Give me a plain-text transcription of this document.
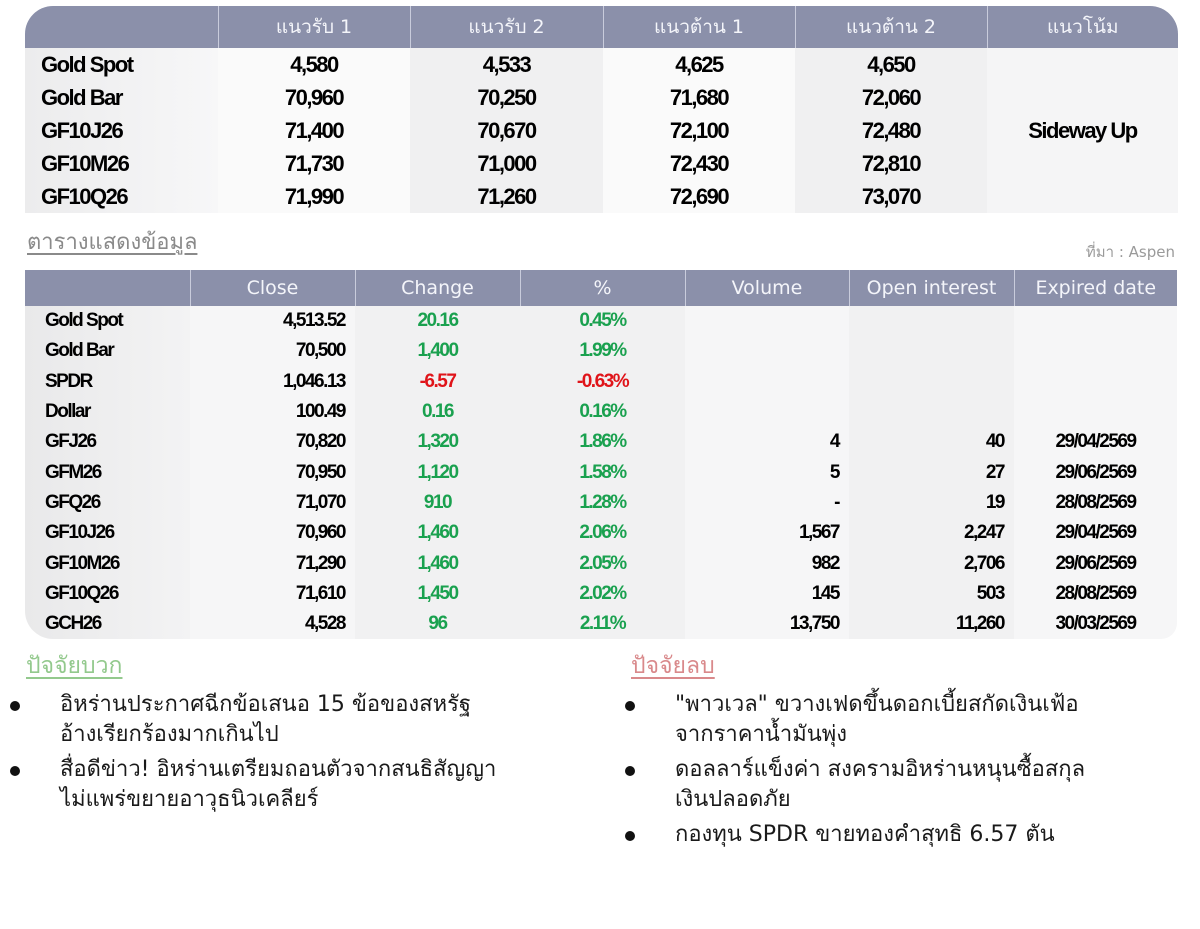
	แนวรับ 1	แนวรับ 2	แนวต้าน 1	แนวต้าน 2	แนวโน้ม
Gold Spot	4,580	4,533	4,625	4,650	Sideway Up
Gold Bar	70,960	70,250	71,680	72,060	
GF10J26	71,400	70,670	72,100	72,480	
GF10M26	71,730	71,000	72,430	72,810	
GF10Q26	71,990	71,260	72,690	73,070	
ตารางแสดงข้อมูล	ที่มา : Aspen
	Close	Change	%	Volume	Open interest	Expired date
Gold Spot	4,513.52	20.16	0.45%			
Gold Bar	70,500	1,400	1.99%			
SPDR	1,046.13	-6.57	-0.63%			
Dollar	100.49	0.16	0.16%			
GFJ26	70,820	1,320	1.86%	4	40	29/04/2569
GFM26	70,950	1,120	1.58%	5	27	29/06/2569
GFQ26	71,070	910	1.28%	-	19	28/08/2569
GF10J26	70,960	1,460	2.06%	1,567	2,247	29/04/2569
GF10M26	71,290	1,460	2.05%	982	2,706	29/06/2569
GF10Q26	71,610	1,450	2.02%	145	503	28/08/2569
GCH26	4,528	96	2.11%	13,750	11,260	30/03/2569
ปัจจัยบวก
อิหร่านประกาศฉีกข้อเสนอ 15 ข้อของสหรัฐ
อ้างเรียกร้องมากเกินไป
สื่อดีข่าว! อิหร่านเตรียมถอนตัวจากสนธิสัญญา
ไม่แพร่ขยายอาวุธนิวเคลียร์
ปัจจัยลบ
"พาวเวล" ขวางเฟดขึ้นดอกเบี้ยสกัดเงินเฟ้อ
จากราคาน้ำมันพุ่ง
ดอลลาร์แข็งค่า สงครามอิหร่านหนุนซื้อสกุล
เงินปลอดภัย
กองทุน SPDR ขายทองคำสุทธิ 6.57 ตัน
